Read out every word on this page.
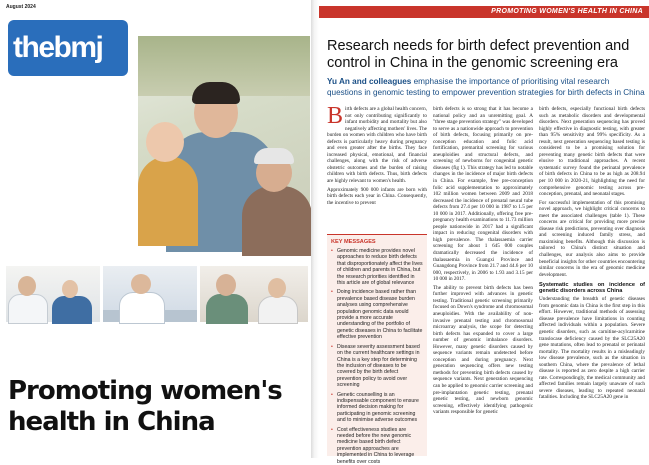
August 2024
thebmj
Promoting women's health in China
PROMOTING WOMEN'S HEALTH IN CHINA
Research needs for birth defect prevention and control in China in the genomic screening era

Yu An and colleagues emphasise the importance of prioritising vital research questions in genomic testing to empower prevention strategies for birth defects in China

Birth defects are a global health concern, not only contributing significantly to infant morbidity and mortality but also negatively affecting mothers' lives. The burden on women with children who have birth defects is particularly heavy during pregnancy and even greater after the births. They face increased physical, emotional, and financial challenges, along with the risk of adverse obstetric outcomes and the burden of raising children with birth defects. Thus, birth defects are highly relevant to women's health.

Approximately 900 000 infants are born with birth defects each year in China. Consequently, the incentive to prevent

KEY MESSAGES
• Genomic medicine provides novel approaches to reduce birth defects that disproportionately affect the lives of children and parents in China, but the research priorities identified in this article are of global relevance
• Doing incidence based rather than prevalence based disease burden analyses using comprehensive population genomic data would provide a more accurate understanding of the portfolio of genetic diseases in China to facilitate effective prevention
• Disease severity assessment based on the current healthcare settings in China is a key step for determining the inclusion of diseases to be covered by the birth defect prevention policy to avoid over screening
• Genetic counselling is an indispensable component to ensure informed decision making for participating in genomic screening and to minimise adverse outcomes
• Cost effectiveness studies are needed before the new genomic medicine based birth defect prevention approaches are implemented in China to leverage benefits over costs

birth defects is so strong that it has become a national policy and an unremitting goal. A "three stage prevention strategy" was developed to serve as a nationwide approach to prevention of birth defects, focusing primarily on pre-conception education and folic acid fortification, premarital screening for various aneuploidies and structural defects, and screening of newborns for congenital genetic diseases (fig 1). This strategy has led to notable changes in the incidence of major birth defects in China. For example, free pre-conception folic acid supplementation to approximately 102 million women between 2009 and 2018 decreased the incidence of prenatal neural tube defects from 27.4 per 10 000 in 1987 to 1.5 per 10 000 in 2017. Additionally, offering free pre-pregnancy health examinations to 11.73 million people nationwide in 2017 had a significant impact in reducing congenital disorders with high prevalence. The thalassaemia carrier screening for about 1 645 000 couples dramatically decreased the incidence of thalassaemia in Guangxi Province and Guangdong Province from 21.7 and 44.6 per 10 000, respectively, in 2006 to 1.93 and 3.15 per 10 000 in 2017.

The ability to prevent birth defects has been further improved with advances in genetic testing. Traditional genetic screening primarily focused on Down's syndrome and chromosomal aneuploidies. With the availability of non-invasive prenatal testing and chromosomal microarray analysis, the scope for detecting birth defects has expanded to cover a large number of genomic imbalance disorders. However, many genetic disorders caused by sequence variants remain undetected before conception and during pregnancy. Next generation sequencing offers new testing methods for preventing birth defects caused by sequence variants. Next generation sequencing can be applied to genomic carrier screening and pre-implantation genetic testing, prenatal genetic testing, and newborn genomic screening, effectively identifying pathogenic variants responsible for genetic

birth defects, especially functional birth defects such as metabolic disorders and developmental disorders. Next generation sequencing has proved highly effective in diagnostic testing, with greater than 95% sensitivity and 99% specificity. As a result, next generation sequencing based testing is considered to be a promising solution for preventing many genetic birth defects that were elusive to traditional approaches. A recent systematic survey found the perinatal prevalence of birth defects in China to be as high as 208.94 per 10 000 in 2020-21, highlighting the need for comprehensive genomic testing across pre-conception, prenatal, and neonatal stages.

For successful implementation of this promising novel approach, we highlight critical concerns to meet the associated challenges (table 1). These concerns are critical for providing more precise disease risk predictions, preventing over diagnosis and screening induced family stress, and maximising benefits. Although this discussion is tailored to China's distinct situation and challenges, our analysis also aims to provide beneficial insights for other countries encountering similar concerns in the era of genomic medicine development.

Systematic studies on incidence of genetic disorders across China

Understanding the breadth of genetic diseases from genomic data in China is the first step in this effort. However, traditional methods of assessing disease prevalence have limitations in counting affected individuals within a population. Severe genetic disorders, such as carnitine-acylcarnitine translocase deficiency caused by the SLC25A20 gene mutations, often lead to prenatal or perinatal mortality. The mortality results in a misleadingly low disease prevalence, such as the situation in southern China, where the prevalence of lethal disease is reported as zero despite a high carrier rate. Correspondingly, the medical community and affected families remain largely unaware of such severe diseases, leading to repeated neonatal fatalities. Including the SLC25A20 gene in
